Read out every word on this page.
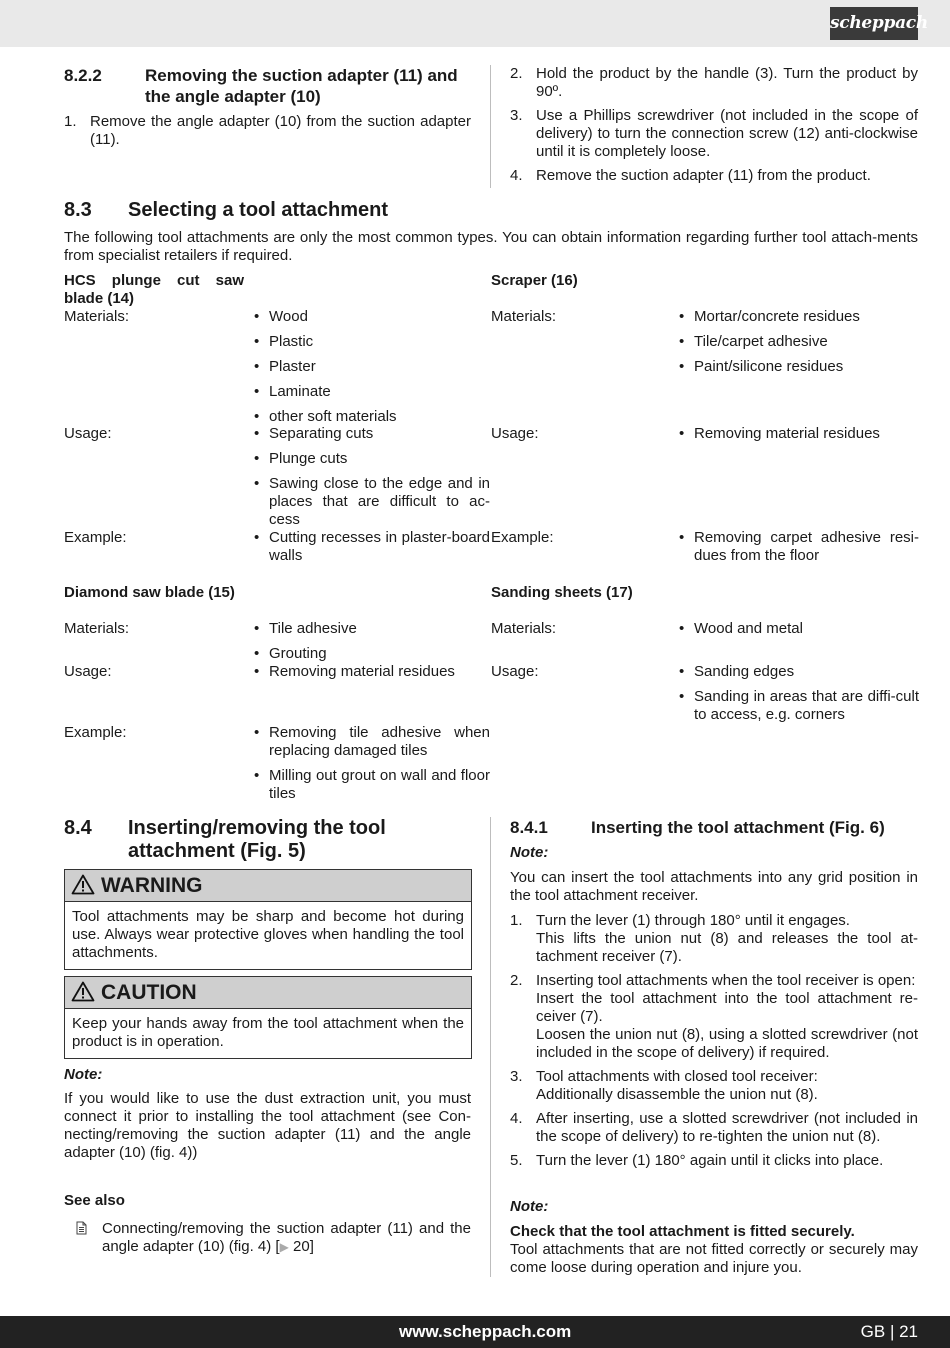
scheppach
8.2.2	Removing the suction adapter (11) and the angle adapter (10)
1. Remove the angle adapter (10) from the suction adapter (11).
2. Hold the product by the handle (3). Turn the product by 90º.
3. Use a Phillips screwdriver (not included in the scope of delivery) to turn the connection screw (12) anti-clockwise until it is completely loose.
4. Remove the suction adapter (11) from the product.
8.3 Selecting a tool attachment
The following tool attachments are only the most common types. You can obtain information regarding further tool attach-ments from specialist retailers if required.
HCS plunge cut saw blade (14)
Materials:	• Wood
• Plastic
• Plaster
• Laminate
• other soft materials
Usage:	• Separating cuts
• Plunge cuts
• Sawing close to the edge and in places that are difficult to ac-cess
Example:	• Cutting recesses in plaster-board walls
Scraper (16)
Materials:	• Mortar/concrete residues
• Tile/carpet adhesive
• Paint/silicone residues
Usage:	• Removing material residues
Example:	• Removing carpet adhesive resi-dues from the floor
Diamond saw blade (15)
Materials:	• Tile adhesive
• Grouting
Usage:	• Removing material residues
Example:	• Removing tile adhesive when replacing damaged tiles
• Milling out grout on wall and floor tiles
Sanding sheets (17)
Materials:	• Wood and metal
Usage:	• Sanding edges
• Sanding in areas that are diffi-cult to access, e.g. corners
8.4 Inserting/removing the tool attachment (Fig. 5)
WARNING
Tool attachments may be sharp and become hot during use. Always wear protective gloves when handling the tool attachments.
CAUTION
Keep your hands away from the tool attachment when the product is in operation.
Note:
If you would like to use the dust extraction unit, you must connect it prior to installing the tool attachment (see Con-necting/removing the suction adapter (11) and the angle adapter (10) (fig. 4))
See also
Connecting/removing the suction adapter (11) and the angle adapter (10) (fig. 4) [▶ 20]
8.4.1	Inserting the tool attachment (Fig. 6)
Note:
You can insert the tool attachments into any grid position in the tool attachment receiver.
1. Turn the lever (1) through 180° until it engages.
This lifts the union nut (8) and releases the tool at-tachment receiver (7).
2. Inserting tool attachments when the tool receiver is open:
Insert the tool attachment into the tool attachment re-ceiver (7).
Loosen the union nut (8), using a slotted screwdriver (not included in the scope of delivery) if required.
3. Tool attachments with closed tool receiver:
Additionally disassemble the union nut (8).
4. After inserting, use a slotted screwdriver (not included in the scope of delivery) to re-tighten the union nut (8).
5. Turn the lever (1) 180° again until it clicks into place.
Note:
Check that the tool attachment is fitted securely.
Tool attachments that are not fitted correctly or securely may come loose during operation and injure you.
www.scheppach.com	GB | 21
